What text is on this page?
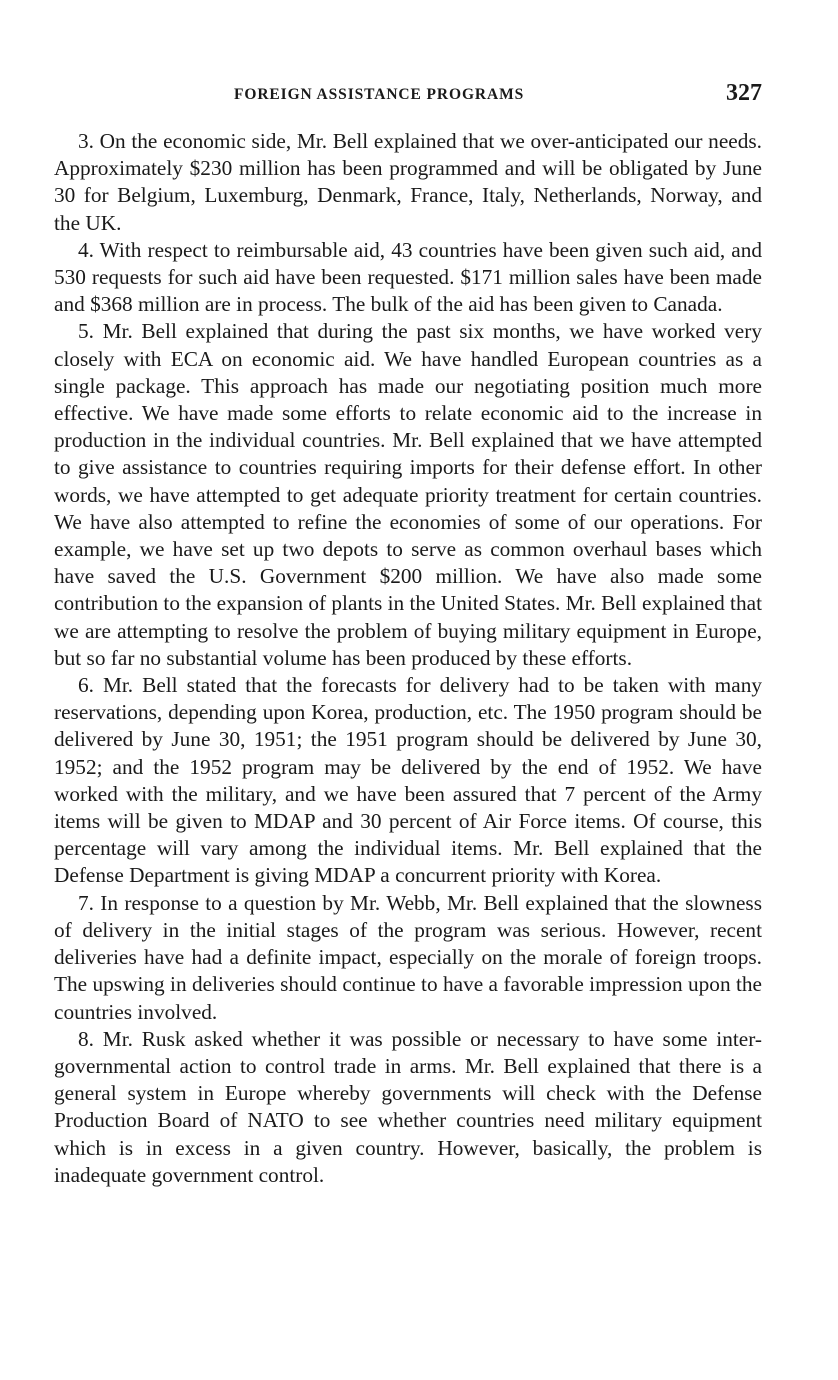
FOREIGN ASSISTANCE PROGRAMS	327

3. On the economic side, Mr. Bell explained that we over-anticipated our needs. Approximately $230 million has been programmed and will be obligated by June 30 for Belgium, Luxemburg, Denmark, France, Italy, Netherlands, Norway, and the UK.

4. With respect to reimbursable aid, 43 countries have been given such aid, and 530 requests for such aid have been requested. $171 million sales have been made and $368 million are in process. The bulk of the aid has been given to Canada.

5. Mr. Bell explained that during the past six months, we have worked very closely with ECA on economic aid. We have handled European countries as a single package. This approach has made our negotiating position much more effective. We have made some efforts to relate economic aid to the increase in production in the individual countries. Mr. Bell explained that we have attempted to give assistance to countries requiring imports for their defense effort. In other words, we have attempted to get adequate priority treatment for certain countries. We have also attempted to refine the economies of some of our operations. For example, we have set up two depots to serve as common overhaul bases which have saved the U.S. Government $200 million. We have also made some contribution to the expansion of plants in the United States. Mr. Bell explained that we are attempting to resolve the problem of buying military equipment in Europe, but so far no substantial volume has been produced by these efforts.

6. Mr. Bell stated that the forecasts for delivery had to be taken with many reservations, depending upon Korea, production, etc. The 1950 program should be delivered by June 30, 1951; the 1951 program should be delivered by June 30, 1952; and the 1952 program may be delivered by the end of 1952. We have worked with the military, and we have been assured that 7 percent of the Army items will be given to MDAP and 30 percent of Air Force items. Of course, this percentage will vary among the individual items. Mr. Bell explained that the Defense Department is giving MDAP a concurrent priority with Korea.

7. In response to a question by Mr. Webb, Mr. Bell explained that the slowness of delivery in the initial stages of the program was serious. However, recent deliveries have had a definite impact, especially on the morale of foreign troops. The upswing in deliveries should continue to have a favorable impression upon the countries involved.

8. Mr. Rusk asked whether it was possible or necessary to have some inter-governmental action to control trade in arms. Mr. Bell explained that there is a general system in Europe whereby governments will check with the Defense Production Board of NATO to see whether countries need military equipment which is in excess in a given country. However, basically, the problem is inadequate government control.
